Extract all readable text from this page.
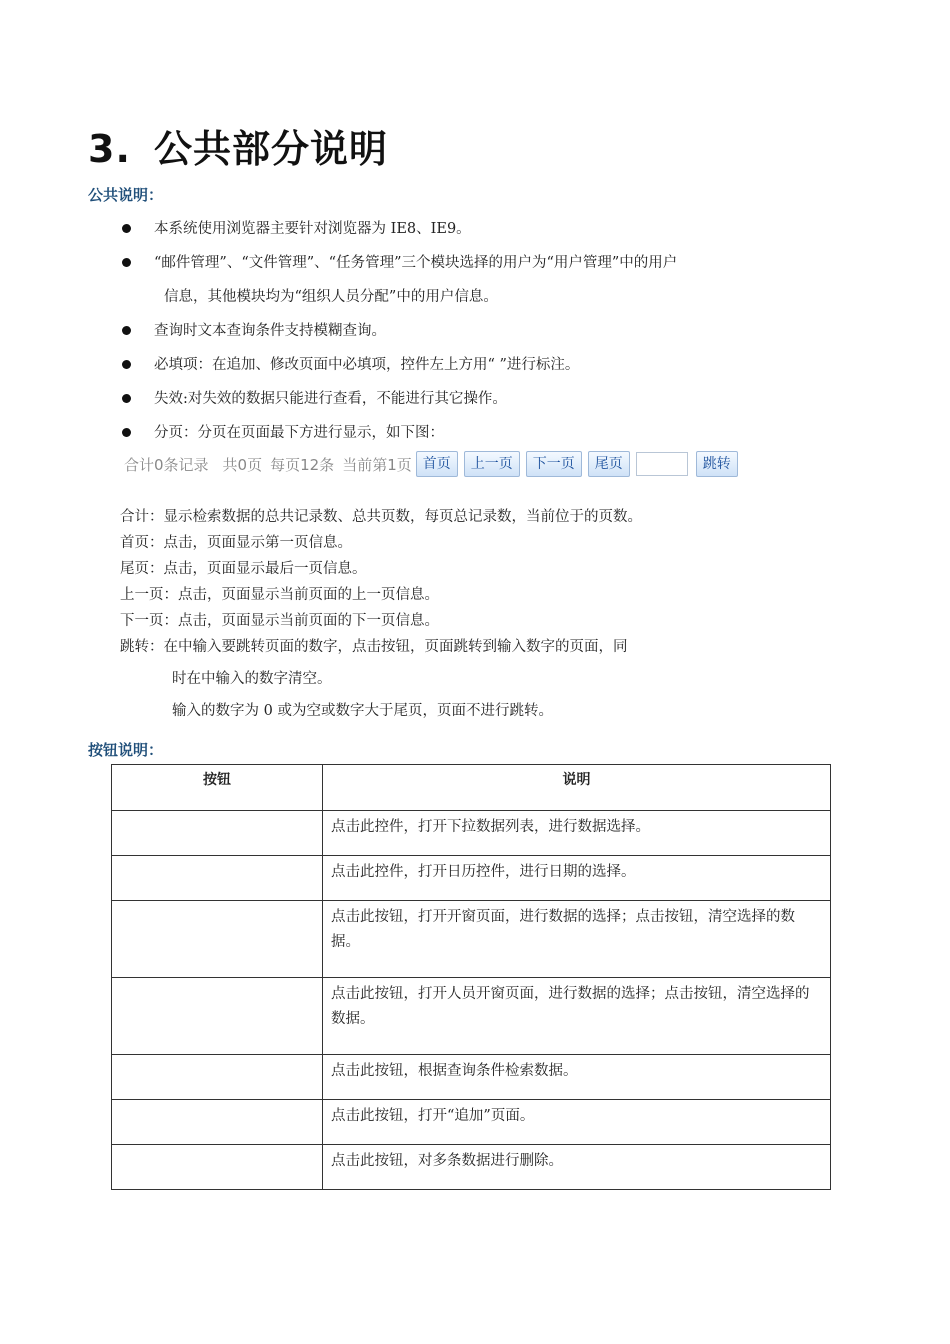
3. 公共部分说明
公共说明：
本系统使用浏览器主要针对浏览器为 IE8、IE9。
“邮件管理”、“文件管理”、“任务管理”三个模块选择的用户为“用户管理”中的用户
信息，其他模块均为“组织人员分配”中的用户信息。
查询时文本查询条件支持模糊查询。
必填项：在追加、修改页面中必填项，控件左上方用“ ”进行标注。
失效:对失效的数据只能进行查看，不能进行其它操作。
分页：分页在页面最下方进行显示，如下图：
合计0条记录 共0页 每页12条 当前第1页 首页	上一页	下一页	尾页	跳转

合计：显示检索数据的总共记录数、总共页数，每页总记录数，当前位于的页数。

首页：点击，页面显示第一页信息。

尾页：点击，页面显示最后一页信息。

上一页：点击，页面显示当前页面的上一页信息。

下一页：点击，页面显示当前页面的下一页信息。

跳转：在中输入要跳转页面的数字，点击按钮，页面跳转到输入数字的页面，同

时在中输入的数字清空。

输入的数字为 0 或为空或数字大于尾页，页面不进行跳转。

按钮说明：
按钮	说明
	点击此控件，打开下拉数据列表，进行数据选择。
	点击此控件，打开日历控件，进行日期的选择。
	点击此按钮，打开开窗页面，进行数据的选择；点击按钮，清空选择的数据。
	点击此按钮，打开人员开窗页面，进行数据的选择；点击按钮，清空选择的数据。
	点击此按钮，根据查询条件检索数据。
	点击此按钮，打开“追加”页面。
	点击此按钮，对多条数据进行删除。
